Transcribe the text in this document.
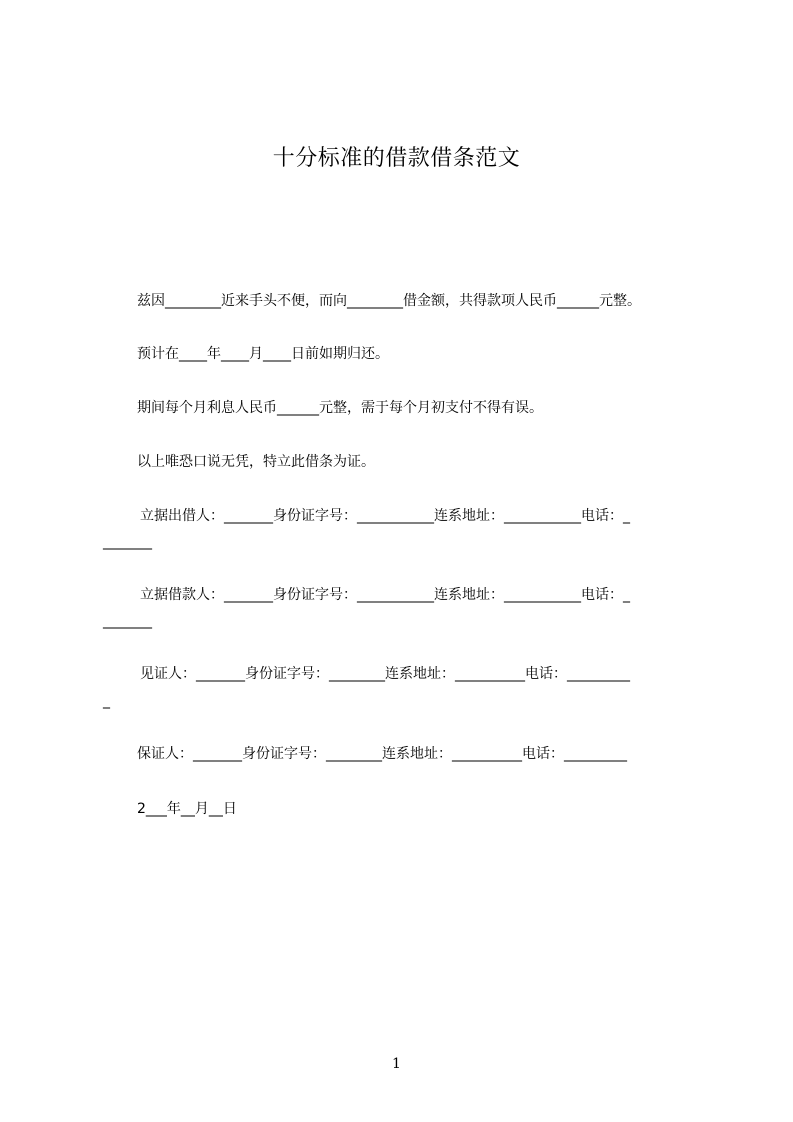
十分标准的借款借条范文
兹因________近来手头不便，而向________借金额，共得款项人民币______元整。
预计在____年____月____日前如期归还。
期间每个月利息人民币______元整，需于每个月初支付不得有误。
以上唯恐口说无凭，特立此借条为证。
立据出借人：_______身份证字号：___________连系地址：___________电话：_
_______
立据借款人：_______身份证字号：___________连系地址：___________电话：_
_______
见证人：_______身份证字号：________连系地址：__________电话：_________
_
保证人：_______身份证字号：________连系地址：__________电话：_________
2___年__月__日
1
